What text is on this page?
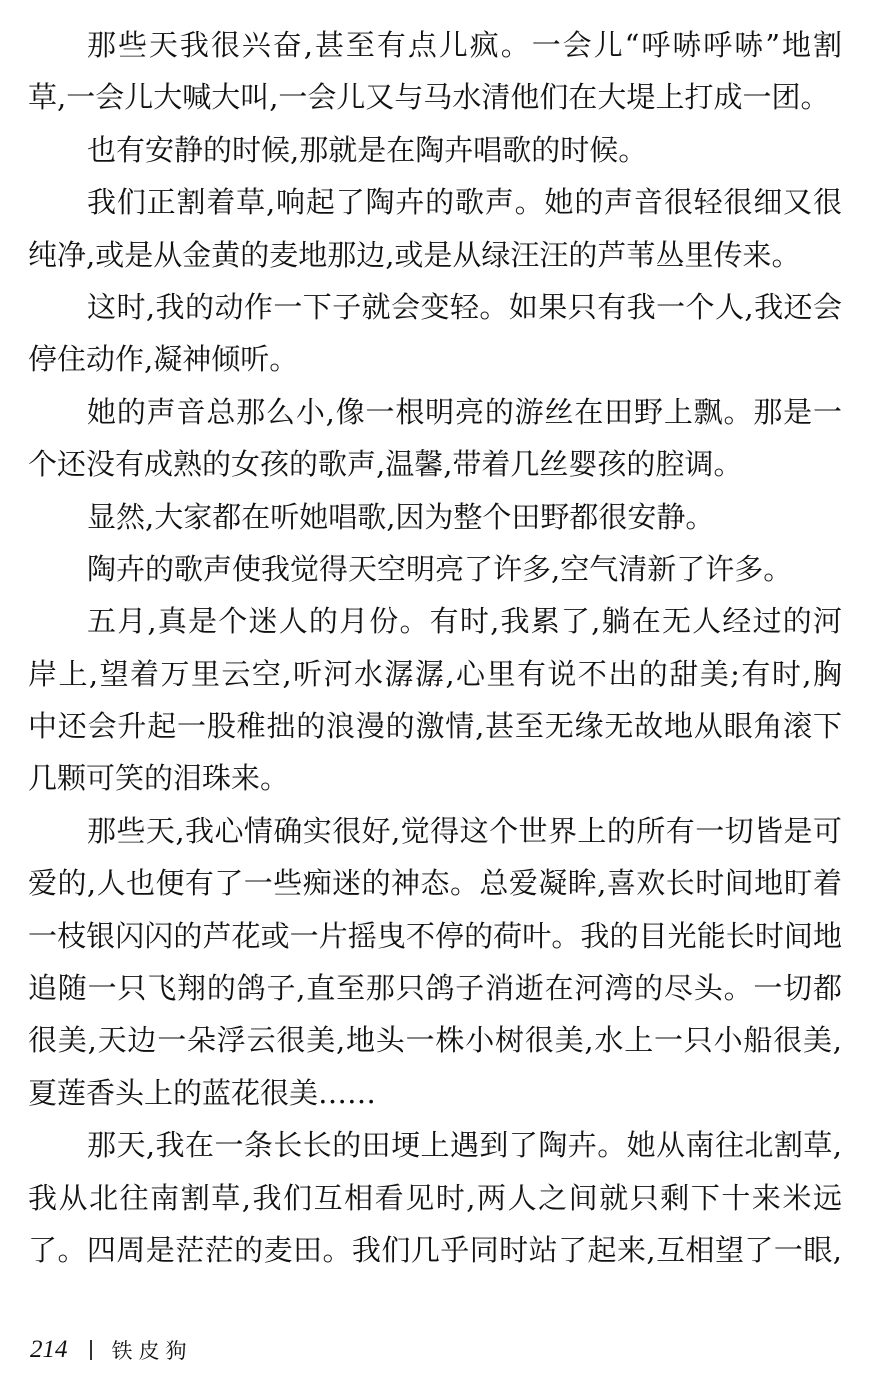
那些天我很兴奋,甚至有点儿疯。一会儿“呼哧呼哧”地割
草,一会儿大喊大叫,一会儿又与马水清他们在大堤上打成一团。
也有安静的时候,那就是在陶卉唱歌的时候。
我们正割着草,响起了陶卉的歌声。她的声音很轻很细又很
纯净,或是从金黄的麦地那边,或是从绿汪汪的芦苇丛里传来。
这时,我的动作一下子就会变轻。如果只有我一个人,我还会
停住动作,凝神倾听。
她的声音总那么小,像一根明亮的游丝在田野上飘。那是一
个还没有成熟的女孩的歌声,温馨,带着几丝婴孩的腔调。
显然,大家都在听她唱歌,因为整个田野都很安静。
陶卉的歌声使我觉得天空明亮了许多,空气清新了许多。
五月,真是个迷人的月份。有时,我累了,躺在无人经过的河
岸上,望着万里云空,听河水潺潺,心里有说不出的甜美;有时,胸
中还会升起一股稚拙的浪漫的激情,甚至无缘无故地从眼角滚下
几颗可笑的泪珠来。
那些天,我心情确实很好,觉得这个世界上的所有一切皆是可
爱的,人也便有了一些痴迷的神态。总爱凝眸,喜欢长时间地盯着
一枝银闪闪的芦花或一片摇曳不停的荷叶。我的目光能长时间地
追随一只飞翔的鸽子,直至那只鸽子消逝在河湾的尽头。一切都
很美,天边一朵浮云很美,地头一株小树很美,水上一只小船很美,
夏莲香头上的蓝花很美……
那天,我在一条长长的田埂上遇到了陶卉。她从南往北割草,
我从北往南割草,我们互相看见时,两人之间就只剩下十来米远
了。四周是茫茫的麦田。我们几乎同时站了起来,互相望了一眼,
214 铁皮狗
